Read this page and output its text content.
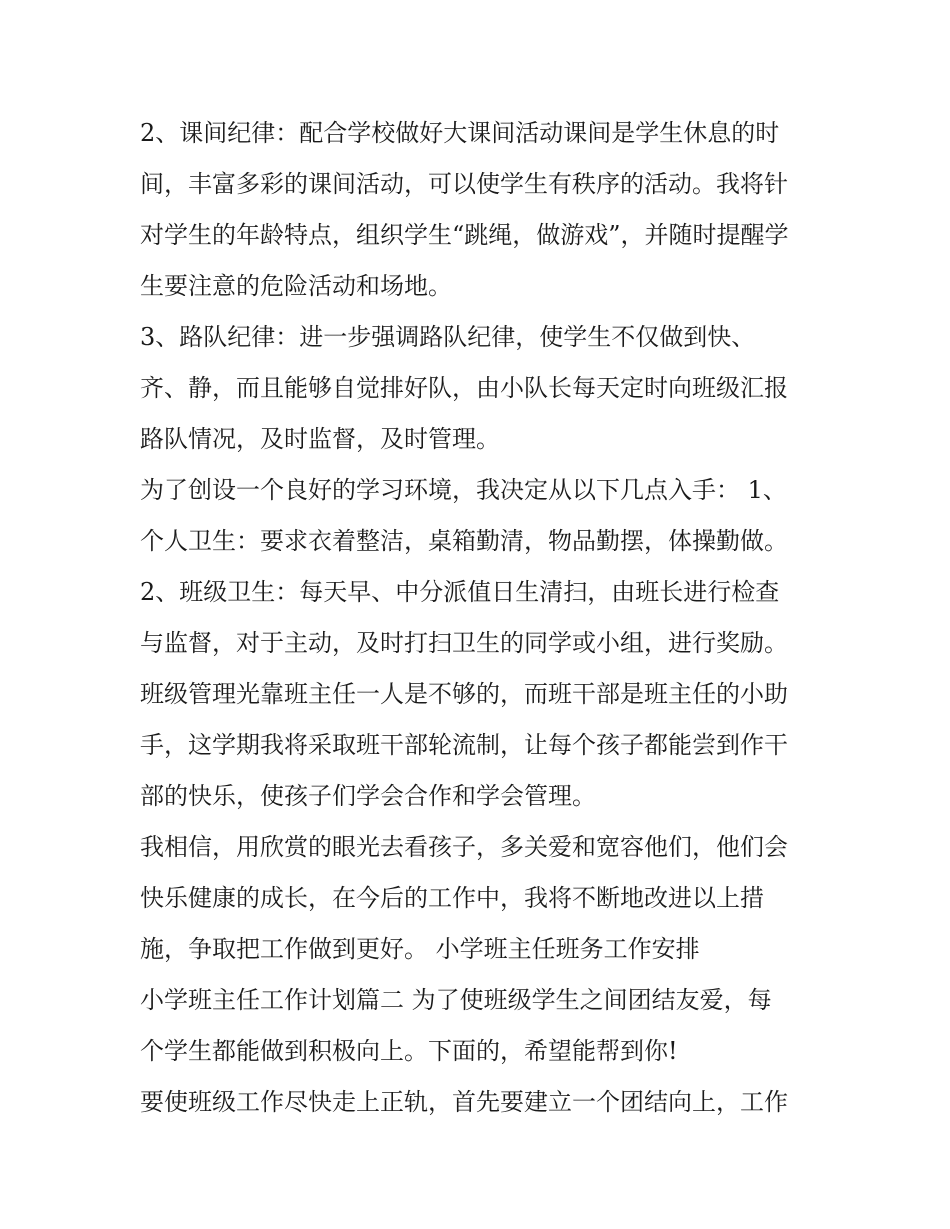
2、课间纪律：配合学校做好大课间活动课间是学生休息的时
间，丰富多彩的课间活动，可以使学生有秩序的活动。我将针
对学生的年龄特点，组织学生“跳绳，做游戏”，并随时提醒学
生要注意的危险活动和场地。
3、路队纪律：进一步强调路队纪律，使学生不仅做到快、
齐、静，而且能够自觉排好队，由小队长每天定时向班级汇报
路队情况，及时监督，及时管理。
为了创设一个良好的学习环境，我决定从以下几点入手： 1、
个人卫生：要求衣着整洁，桌箱勤清，物品勤摆，体操勤做。
2、班级卫生：每天早、中分派值日生清扫，由班长进行检查
与监督，对于主动，及时打扫卫生的同学或小组，进行奖励。
班级管理光靠班主任一人是不够的，而班干部是班主任的小助
手，这学期我将采取班干部轮流制，让每个孩子都能尝到作干
部的快乐，使孩子们学会合作和学会管理。
我相信，用欣赏的眼光去看孩子，多关爱和宽容他们，他们会
快乐健康的成长，在今后的工作中，我将不断地改进以上措
施，争取把工作做到更好。 小学班主任班务工作安排
小学班主任工作计划篇二 为了使班级学生之间团结友爱，每
个学生都能做到积极向上。下面的，希望能帮到你!
要使班级工作尽快走上正轨，首先要建立一个团结向上，工作
